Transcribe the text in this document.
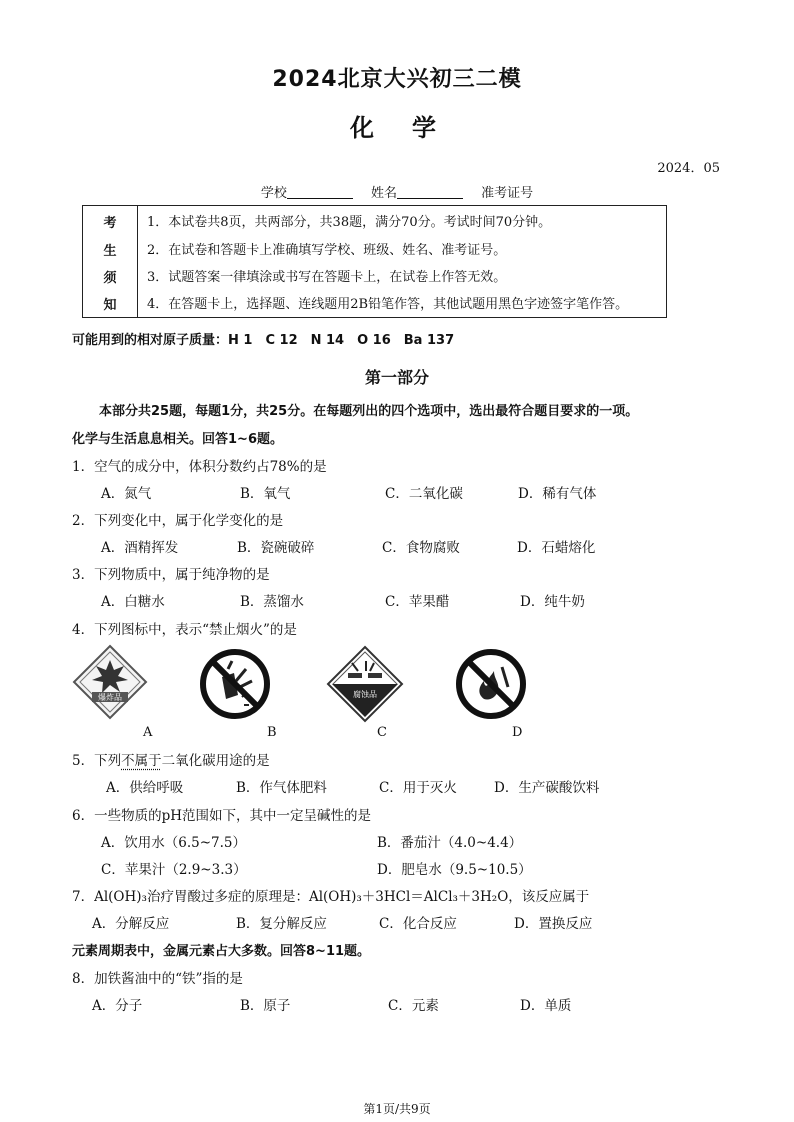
2024北京大兴初三二模
化学
2024．05
学校	姓名	准考证号
考
生
须
知
1．本试卷共8页，共两部分，共38题，满分70分。考试时间70分钟。
2．在试卷和答题卡上准确填写学校、班级、姓名、准考证号。
3．试题答案一律填涂或书写在答题卡上，在试卷上作答无效。
4．在答题卡上，选择题、连线题用2B铅笔作答，其他试题用黑色字迹签字笔作答。
可能用到的相对原子质量：H 1　C 12　N 14　O 16　Ba 137
第一部分
本部分共25题，每题1分，共25分。在每题列出的四个选项中，选出最符合题目要求的一项。
化学与生活息息相关。回答1~6题。
1．空气的成分中，体积分数约占78%的是
A．氮气	B．氧气	C．二氧化碳	D．稀有气体
2．下列变化中，属于化学变化的是
A．酒精挥发	B．瓷碗破碎	C．食物腐败	D．石蜡熔化
3．下列物质中，属于纯净物的是
A．白糖水	B．蒸馏水	C．苹果醋	D．纯牛奶
4．下列图标中，表示“禁止烟火”的是
爆炸品	腐蚀品
A	B	C	D
5．下列不属于二氧化碳用途的是
A．供给呼吸	B．作气体肥料	C．用于灭火	D．生产碳酸饮料
6．一些物质的pH范围如下，其中一定呈碱性的是
A．饮用水（6.5~7.5）	B．番茄汁（4.0~4.4）
C．苹果汁（2.9~3.3）	D．肥皂水（9.5~10.5）
7．Al(OH)₃治疗胃酸过多症的原理是：Al(OH)₃＋3HCl＝AlCl₃＋3H₂O，该反应属于
A．分解反应	B．复分解反应	C．化合反应	D．置换反应
元素周期表中，金属元素占大多数。回答8~11题。
8．加铁酱油中的“铁”指的是
A．分子	B．原子	C．元素	D．单质
第1页/共9页
